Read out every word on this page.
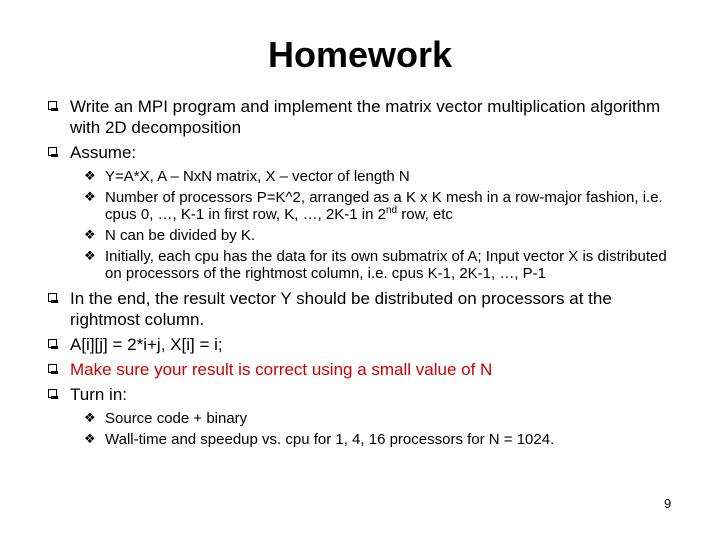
Homework
Write an MPI program and implement the matrix vector multiplication algorithm with 2D decomposition
Assume:
❖ Y=A*X, A – NxN matrix, X – vector of length N
❖ Number of processors P=K^2, arranged as a K x K mesh in a row-major fashion, i.e. cpus 0, …, K-1 in first row, K, …, 2K-1 in 2nd row, etc
❖ N can be divided by K.
❖ Initially, each cpu has the data for its own submatrix of A; Input vector X is distributed on processors of the rightmost column, i.e. cpus K-1, 2K-1, …, P-1
In the end, the result vector Y should be distributed on processors at the rightmost column.
A[i][j] = 2*i+j, X[i] = i;
Make sure your result is correct using a small value of N
Turn in:
❖ Source code + binary
❖ Wall-time and speedup vs. cpu for 1, 4, 16 processors for N = 1024.
9
